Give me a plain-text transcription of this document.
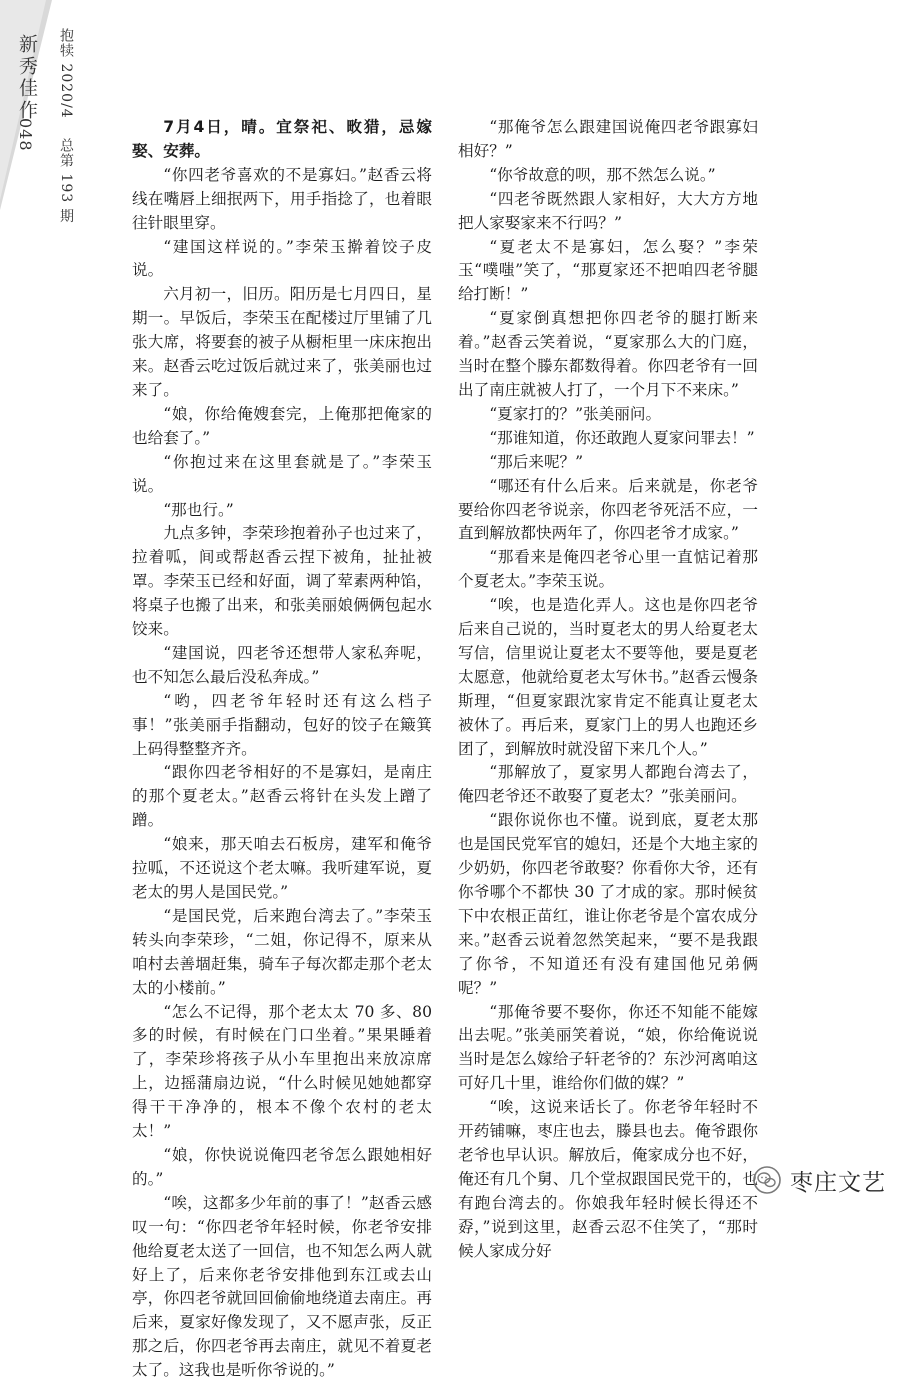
新秀佳作
048
抱犊 2020/4 总第 193 期

7月4日，晴。宜祭祀、畋猎，忌嫁娶、安葬。

“你四老爷喜欢的不是寡妇。”赵香云将线在嘴唇上细抿两下，用手指捻了，也着眼往针眼里穿。

“建国这样说的。”李荣玉擀着饺子皮说。

六月初一，旧历。阳历是七月四日，星期一。早饭后，李荣玉在配楼过厅里铺了几张大席，将要套的被子从橱柜里一床床抱出来。赵香云吃过饭后就过来了，张美丽也过来了。

“娘，你给俺嫂套完，上俺那把俺家的也给套了。”

“你抱过来在这里套就是了。”李荣玉说。

“那也行。”

九点多钟，李荣珍抱着孙子也过来了，拉着呱，间或帮赵香云捏下被角，扯扯被罩。李荣玉已经和好面，调了荤素两种馅，将桌子也搬了出来，和张美丽娘俩俩包起水饺来。

“建国说，四老爷还想带人家私奔呢，也不知怎么最后没私奔成。”

“哟，四老爷年轻时还有这么档子事！”张美丽手指翻动，包好的饺子在簸箕上码得整整齐齐。

“跟你四老爷相好的不是寡妇，是南庄的那个夏老太。”赵香云将针在头发上蹭了蹭。

“娘来，那天咱去石板房，建军和俺爷拉呱，不还说这个老太嘛。我听建军说，夏老太的男人是国民党。”

“是国民党，后来跑台湾去了。”李荣玉转头向李荣珍，“二姐，你记得不，原来从咱村去善堌赶集，骑车子每次都走那个老太太的小楼前。”

“怎么不记得，那个老太太 70 多、80 多的时候，有时候在门口坐着。”果果睡着了，李荣珍将孩子从小车里抱出来放凉席上，边摇蒲扇边说，“什么时候见她她都穿得干干净净的，根本不像个农村的老太太！”

“娘，你快说说俺四老爷怎么跟她相好的。”

“唉，这都多少年前的事了！”赵香云感叹一句：“你四老爷年轻时候，你老爷安排他给夏老太送了一回信，也不知怎么两人就好上了，后来你老爷安排他到东江或去山亭，你四老爷就回回偷偷地绕道去南庄。再后来，夏家好像发现了，又不愿声张，反正那之后，你四老爷再去南庄，就见不着夏老太了。这我也是听你爷说的。”

“那俺爷怎么跟建国说俺四老爷跟寡妇相好？”

“你爷故意的呗，那不然怎么说。”

“四老爷既然跟人家相好，大大方方地把人家娶家来不行吗？”

“夏老太不是寡妇，怎么娶？”李荣玉“噗嗤”笑了，“那夏家还不把咱四老爷腿给打断！”

“夏家倒真想把你四老爷的腿打断来着。”赵香云笑着说，“夏家那么大的门庭，当时在整个滕东都数得着。你四老爷有一回出了南庄就被人打了，一个月下不来床。”

“夏家打的？”张美丽问。

“那谁知道，你还敢跑人夏家问罪去！”

“那后来呢？”

“哪还有什么后来。后来就是，你老爷要给你四老爷说亲，你四老爷死活不应，一直到解放都快两年了，你四老爷才成家。”

“那看来是俺四老爷心里一直惦记着那个夏老太。”李荣玉说。

“唉，也是造化弄人。这也是你四老爷后来自己说的，当时夏老太的男人给夏老太写信，信里说让夏老太不要等他，要是夏老太愿意，他就给夏老太写休书。”赵香云慢条斯理，“但夏家跟沈家肯定不能真让夏老太被休了。再后来，夏家门上的男人也跑还乡团了，到解放时就没留下来几个人。”

“那解放了，夏家男人都跑台湾去了，俺四老爷还不敢娶了夏老太？”张美丽问。

“跟你说你也不懂。说到底，夏老太那也是国民党军官的媳妇，还是个大地主家的少奶奶，你四老爷敢娶？你看你大爷，还有你爷哪个不都快 30 了才成的家。那时候贫下中农根正苗红，谁让你老爷是个富农成分来。”赵香云说着忽然笑起来，“要不是我跟了你爷，不知道还有没有建国他兄弟俩呢？”

“那俺爷要不娶你，你还不知能不能嫁出去呢。”张美丽笑着说，“娘，你给俺说说当时是怎么嫁给子轩老爷的？东沙河离咱这可好几十里，谁给你们做的媒？”

“唉，这说来话长了。你老爷年轻时不开药铺嘛，枣庄也去，滕县也去。俺爷跟你老爷也早认识。解放后，俺家成分也不好，俺还有几个舅、几个堂叔跟国民党干的，也有跑台湾去的。你娘我年轻时候长得还不孬，”说到这里，赵香云忍不住笑了，“那时候人家成分好

枣庄文艺
